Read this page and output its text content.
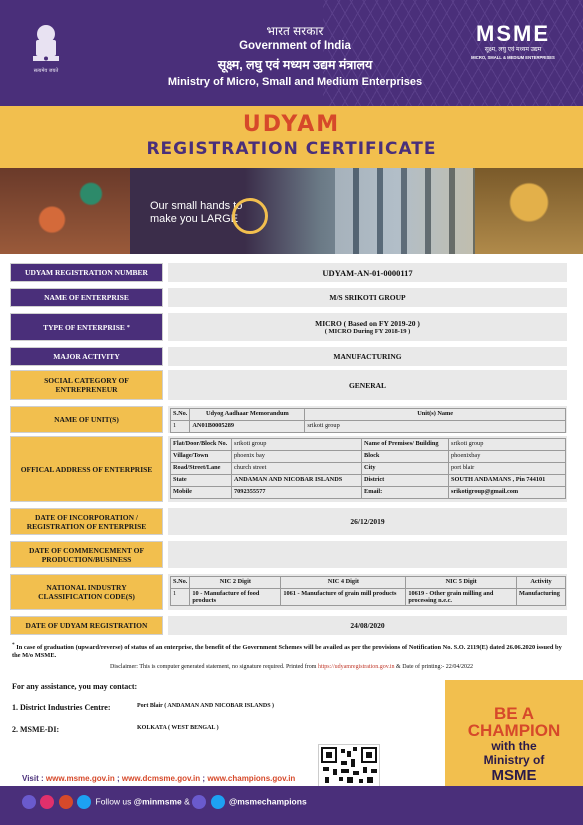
सत्यमेव जयते
भारत सरकार
Government of India
सूक्ष्म, लघु एवं मध्यम उद्यम मंत्रालय
Ministry of Micro, Small and Medium Enterprises
MSME
सूक्ष्म, लघु एवं मध्यम उद्यम
MICRO, SMALL & MEDIUM ENTERPRISES
UDYAM
REGISTRATION CERTIFICATE
Our small hands to
make you LARGE
UDYAM REGISTRATION NUMBER	UDYAM-AN-01-0000117
NAME OF ENTERPRISE	M/S SRIKOTI GROUP
TYPE OF ENTERPRISE
*	MICRO ( Based on FY 2019-20 )
( MICRO During FY 2018-19 )
MAJOR ACTIVITY	MANUFACTURING
SOCIAL CATEGORY OF ENTREPRENEUR	GENERAL
NAME OF UNIT(S)
S.No.	Udyog Aadhaar Memorandum	Unit(s) Name
1	AN01B0005289	srikoti group
OFFICAL ADDRESS OF ENTERPRISE
Flat/Door/Block No.	srikoti group	Name of Premises/ Building	srikoti group
Village/Town	phoenix bay	Block	phoenixbay
Road/Street/Lane	church street	City	port blair
State	ANDAMAN AND NICOBAR ISLANDS	District	SOUTH ANDAMANS , Pin 744101
Mobile	7092355577	Email:	srikotigroup@gmail.com
DATE OF INCORPORATION / REGISTRATION OF ENTERPRISE	26/12/2019
DATE OF COMMENCEMENT OF PRODUCTION/BUSINESS
NATIONAL INDUSTRY CLASSIFICATION CODE(S)
S.No.	NIC 2 Digit	NIC 4 Digit	NIC 5 Digit	Activity
1	10 - Manufacture of food products	1061 - Manufacture of grain mill products	10619 - Other grain milling and processing n.e.c.	Manufacturing
DATE OF UDYAM REGISTRATION	24/08/2020
* In case of graduation (upward/reverse) of status of an enterprise, the benefit of the Government Schemes will be availed as per the provisions of Notification No. S.O. 2119(E) dated 26.06.2020 issued by the M/o MSME.
Disclaimer: This is computer generated statement, no signature required. Printed from https://udyamregistration.gov.in & Date of printing:- 22/04/2022
For any assistance, you may contact:
1. District Industries Centre:	Port Blair ( ANDAMAN AND NICOBAR ISLANDS )
2. MSME-DI:	KOLKATA ( WEST BENGAL )
BE A
CHAMPION
with the
Ministry of
MSME
Visit : www.msme.gov.in ; www.dcmsme.gov.in ; www.champions.gov.in
Follow us @minmsme &	@msmechampions
